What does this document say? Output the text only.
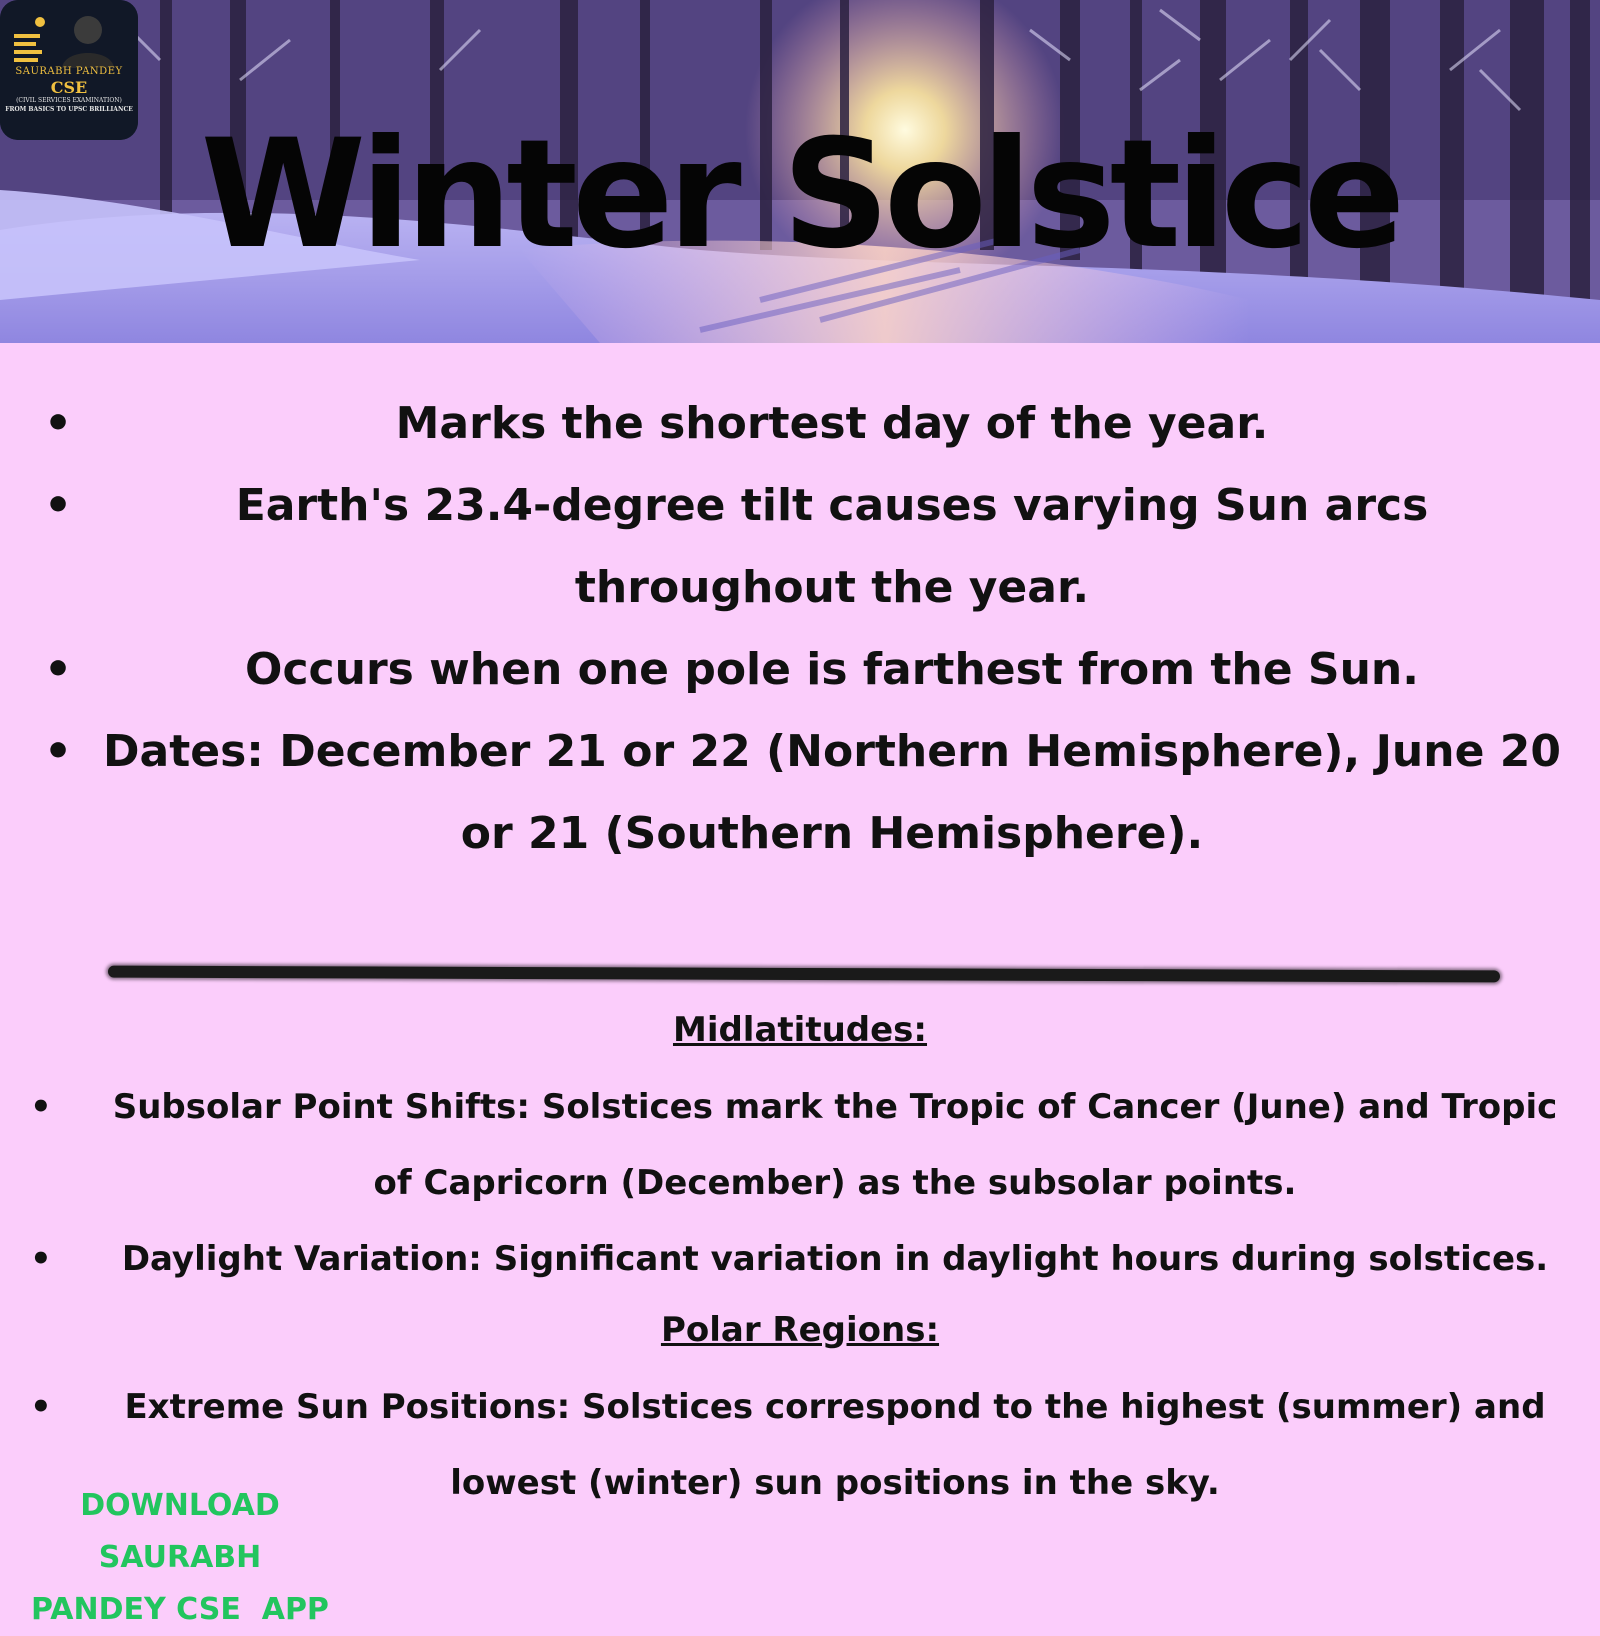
SAURABH PANDEY
CSE
(CIVIL SERVICES EXAMINATION)
FROM BASICS TO UPSC BRILLIANCE Winter Solstice
• Marks the shortest day of the year.
• Earth's 23.4-degree tilt causes varying Sun arcs throughout the year.
• Occurs when one pole is farthest from the Sun.
• Dates: December 21 or 22 (Northern Hemisphere), June 20 or 21 (Southern Hemisphere).
Midlatitudes:
• Subsolar Point Shifts: Solstices mark the Tropic of Cancer (June) and Tropic of Capricorn (December) as the subsolar points.
• Daylight Variation: Significant variation in daylight hours during solstices.
Polar Regions:
• Extreme Sun Positions: Solstices correspond to the highest (summer) and lowest (winter) sun positions in the sky.
DOWNLOAD SAURABH
PANDEY CSE  APP
